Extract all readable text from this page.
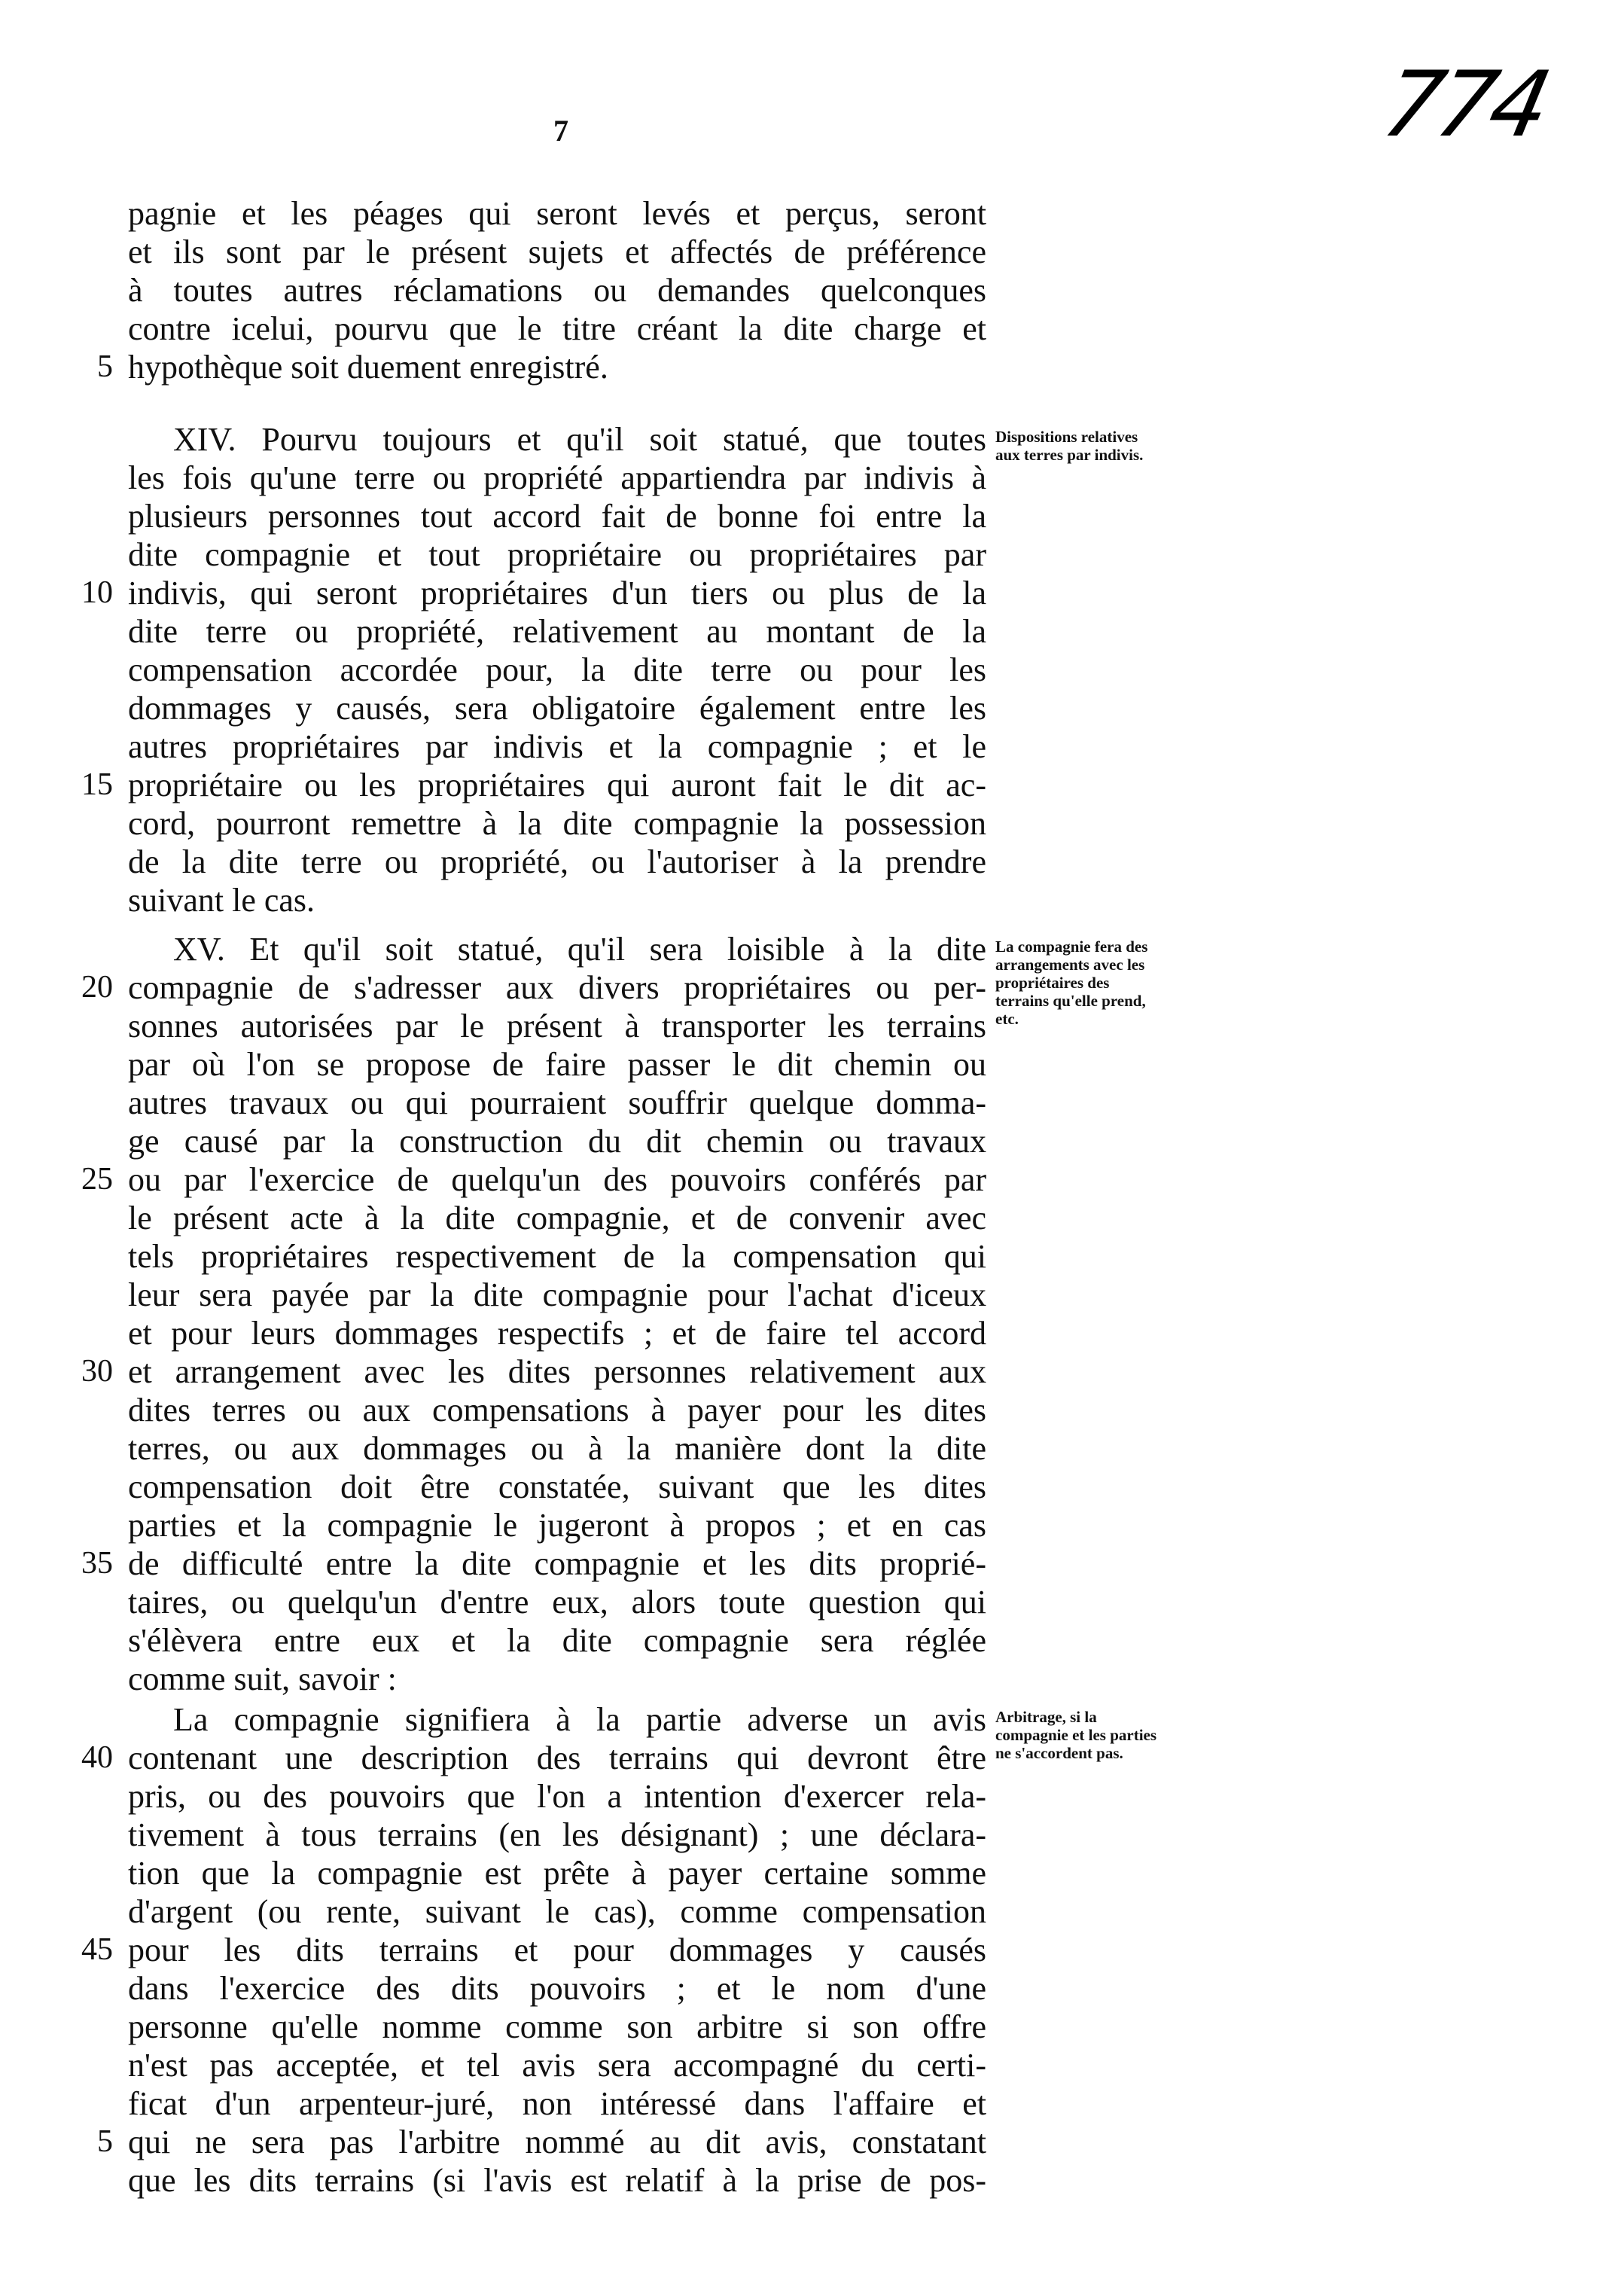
7	774
pagnie et les péages qui seront levés et perçus, seront
et ils sont par le présent sujets et affectés de préférence
à toutes autres réclamations ou demandes quelconques
contre icelui, pourvu que le titre créant la dite charge et
5 hypothèque soit duement enregistré.
XIV. Pourvu toujours et qu'il soit statué, que toutes
les fois qu'une terre ou propriété appartiendra par indivis à
plusieurs personnes tout accord fait de bonne foi entre la
dite compagnie et tout propriétaire ou propriétaires par
10 indivis, qui seront propriétaires d'un tiers ou plus de la
dite terre ou propriété, relativement au montant de la
compensation accordée pour, la dite terre ou pour les
dommages y causés, sera obligatoire également entre les
autres propriétaires par indivis et la compagnie ; et le
15 propriétaire ou les propriétaires qui auront fait le dit ac-
cord, pourront remettre à la dite compagnie la possession
de la dite terre ou propriété, ou l'autoriser à la prendre
suivant le cas.
XV. Et qu'il soit statué, qu'il sera loisible à la dite
20 compagnie de s'adresser aux divers propriétaires ou per-
sonnes autorisées par le présent à transporter les terrains
par où l'on se propose de faire passer le dit chemin ou
autres travaux ou qui pourraient souffrir quelque domma-
ge causé par la construction du dit chemin ou travaux
25 ou par l'exercice de quelqu'un des pouvoirs conférés par
le présent acte à la dite compagnie, et de convenir avec
tels propriétaires respectivement de la compensation qui
leur sera payée par la dite compagnie pour l'achat d'iceux
et pour leurs dommages respectifs ; et de faire tel accord
30 et arrangement avec les dites personnes relativement aux
dites terres ou aux compensations à payer pour les dites
terres, ou aux dommages ou à la manière dont la dite
compensation doit être constatée, suivant que les dites
parties et la compagnie le jugeront à propos ; et en cas
35 de difficulté entre la dite compagnie et les dits proprié-
taires, ou quelqu'un d'entre eux, alors toute question qui
s'élèvera entre eux et la dite compagnie sera réglée
comme suit, savoir :
La compagnie signifiera à la partie adverse un avis
40 contenant une description des terrains qui devront être
pris, ou des pouvoirs que l'on a intention d'exercer rela-
tivement à tous terrains (en les désignant) ; une déclara-
tion que la compagnie est prête à payer certaine somme
d'argent (ou rente, suivant le cas), comme compensation
45 pour les dits terrains et pour dommages y causés
dans l'exercice des dits pouvoirs ; et le nom d'une
personne qu'elle nomme comme son arbitre si son offre
n'est pas acceptée, et tel avis sera accompagné du certi-
ficat d'un arpenteur-juré, non intéressé dans l'affaire et
5 qui ne sera pas l'arbitre nommé au dit avis, constatant
que les dits terrains (si l'avis est relatif à la prise de pos-
Dispositions relatives aux terres par indivis.
La compagnie fera des arrangements avec les propriétaires des terrains qu'elle prend, etc.
Arbitrage, si la compagnie et les parties ne s'accordent pas.
